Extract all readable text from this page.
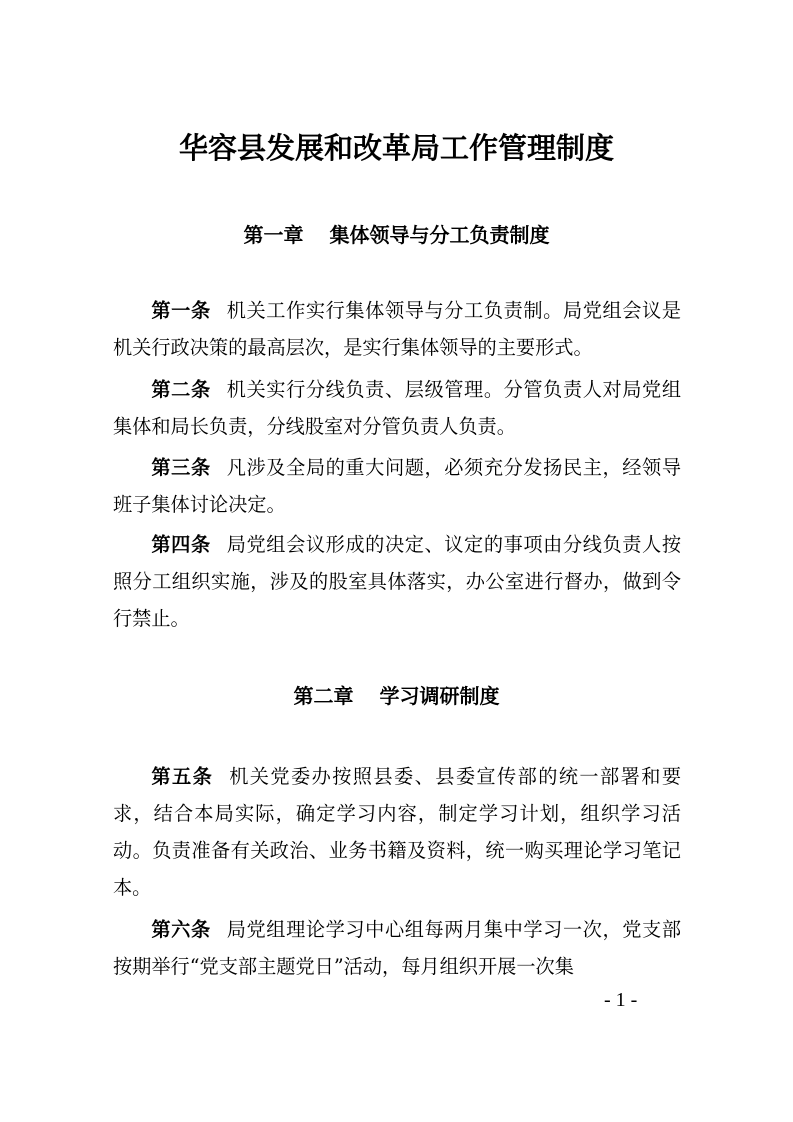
华容县发展和改革局工作管理制度
第一章 集体领导与分工负责制度

第一条 机关工作实行集体领导与分工负责制。局党组会议是机关行政决策的最高层次，是实行集体领导的主要形式。

第二条 机关实行分线负责、层级管理。分管负责人对局党组集体和局长负责，分线股室对分管负责人负责。

第三条 凡涉及全局的重大问题，必须充分发扬民主，经领导班子集体讨论决定。

第四条 局党组会议形成的决定、议定的事项由分线负责人按照分工组织实施，涉及的股室具体落实，办公室进行督办，做到令行禁止。

第二章 学习调研制度

第五条 机关党委办按照县委、县委宣传部的统一部署和要求，结合本局实际，确定学习内容，制定学习计划，组织学习活动。负责准备有关政治、业务书籍及资料，统一购买理论学习笔记本。

第六条 局党组理论学习中心组每两月集中学习一次，党支部按期举行“党支部主题党日”活动，每月组织开展一次集

- 1 -
